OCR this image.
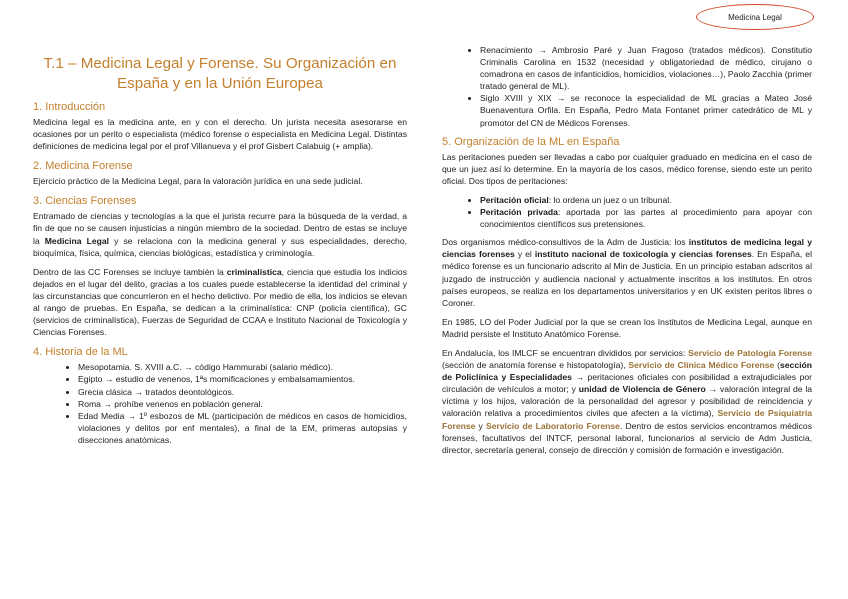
Medicina Legal
T.1 – Medicina Legal y Forense. Su Organización en España y en la Unión Europea
1. Introducción

Medicina legal es la medicina ante, en y con el derecho. Un jurista necesita asesorarse en ocasiones por un perito o especialista (médico forense o especialista en Medicina Legal. Distintas definiciones de medicina legal por el prof Villanueva y el prof Gisbert Calabuig (+ amplia).

2. Medicina Forense

Ejercicio práctico de la Medicina Legal, para la valoración jurídica en una sede judicial.

3. Ciencias Forenses

Entramado de ciencias y tecnologías a la que el jurista recurre para la búsqueda de la verdad, a fin de que no se causen injusticias a ningún miembro de la sociedad. Dentro de estas se incluye la Medicina Legal y se relaciona con la medicina general y sus especialidades, derecho, bioquímica, física, química, ciencias biológicas, estadística y criminología.

Dentro de las CC Forenses se incluye también la criminalística, ciencia que estudia los indicios dejados en el lugar del delito, gracias a los cuales puede establecerse la identidad del criminal y las circunstancias que concurrieron en el hecho delictivo. Por medio de ella, los indicios se elevan al rango de pruebas. En España, se dedican a la criminalística: CNP (policía científica), GC (servicios de criminalística), Fuerzas de Seguridad de CCAA e Instituto Nacional de Toxicología y Ciencias Forenses.

4. Historia de la ML
• Mesopotamia. S. XVIII a.C. → código Hammurabi (salario médico).
• Egipto → estudio de venenos, 1ªs momificaciones y embalsamamientos.
• Grecia clásica → tratados deontológicos.
• Roma → prohíbe venenos en población general.
• Edad Media → 1º esbozos de ML (participación de médicos en casos de homicidios, violaciones y delitos por enf mentales), a final de la EM, primeras autopsias y disecciones anatómicas.
• Renacimiento → Ambrosio Paré y Juan Fragoso (tratados médicos). Constitutio Criminalis Carolina en 1532 (necesidad y obligatoriedad de médico, cirujano o comadrona en casos de infanticidios, homicidios, violaciones…), Paolo Zacchia (primer tratado general de ML).
• Siglo XVIII y XIX → se reconoce la especialidad de ML gracias a Mateo José Buenaventura Orfila. En España, Pedro Mata Fontanet primer catedrático de ML y promotor del CN de Médicos Forenses.
5. Organización de la ML en España

Las peritaciones pueden ser llevadas a cabo por cualquier graduado en medicina en el caso de que un juez así lo determine. En la mayoría de los casos, médico forense, siendo este un perito oficial. Dos tipos de peritaciones:

• Peritación oficial: lo ordena un juez o un tribunal.
• Peritación privada: aportada por las partes al procedimiento para apoyar con conocimientos científicos sus pretensiones.

Dos organismos médico-consultivos de la Adm de Justicia: los institutos de medicina legal y ciencias forenses y el instituto nacional de toxicología y ciencias forenses. En España, el médico forense es un funcionario adscrito al Min de Justicia. En un principio estaban adscritos al juzgado de instrucción y audiencia nacional y actualmente inscritos a los institutos. En otros países europeos, se realiza en los departamentos universitarios y en UK existen peritos libres o Coroner.

En 1985, LO del Poder Judicial por la que se crean los Institutos de Medicina Legal, aunque en Madrid persiste el Instituto Anatómico Forense.

En Andalucía, los IMLCF se encuentran divididos por servicios: Servicio de Patología Forense (sección de anatomía forense e histopatología), Servicio de Clínica Médico Forense (sección de Policlínica y Especialidades → peritaciones oficiales con posibilidad a extrajudiciales por circulación de vehículos a motor; y unidad de Violencia de Género → valoración integral de la víctima y los hijos, valoración de la personalidad del agresor y posibilidad de reincidencia y valoración relativa a procedimientos civiles que afecten a la víctima), Servicio de Psiquiatría Forense y Servicio de Laboratorio Forense. Dentro de estos servicios encontramos médicos forenses, facultativos del INTCF, personal laboral, funcionarios al servicio de Adm Justicia, director, secretaría general, consejo de dirección y comisión de formación e investigación.
